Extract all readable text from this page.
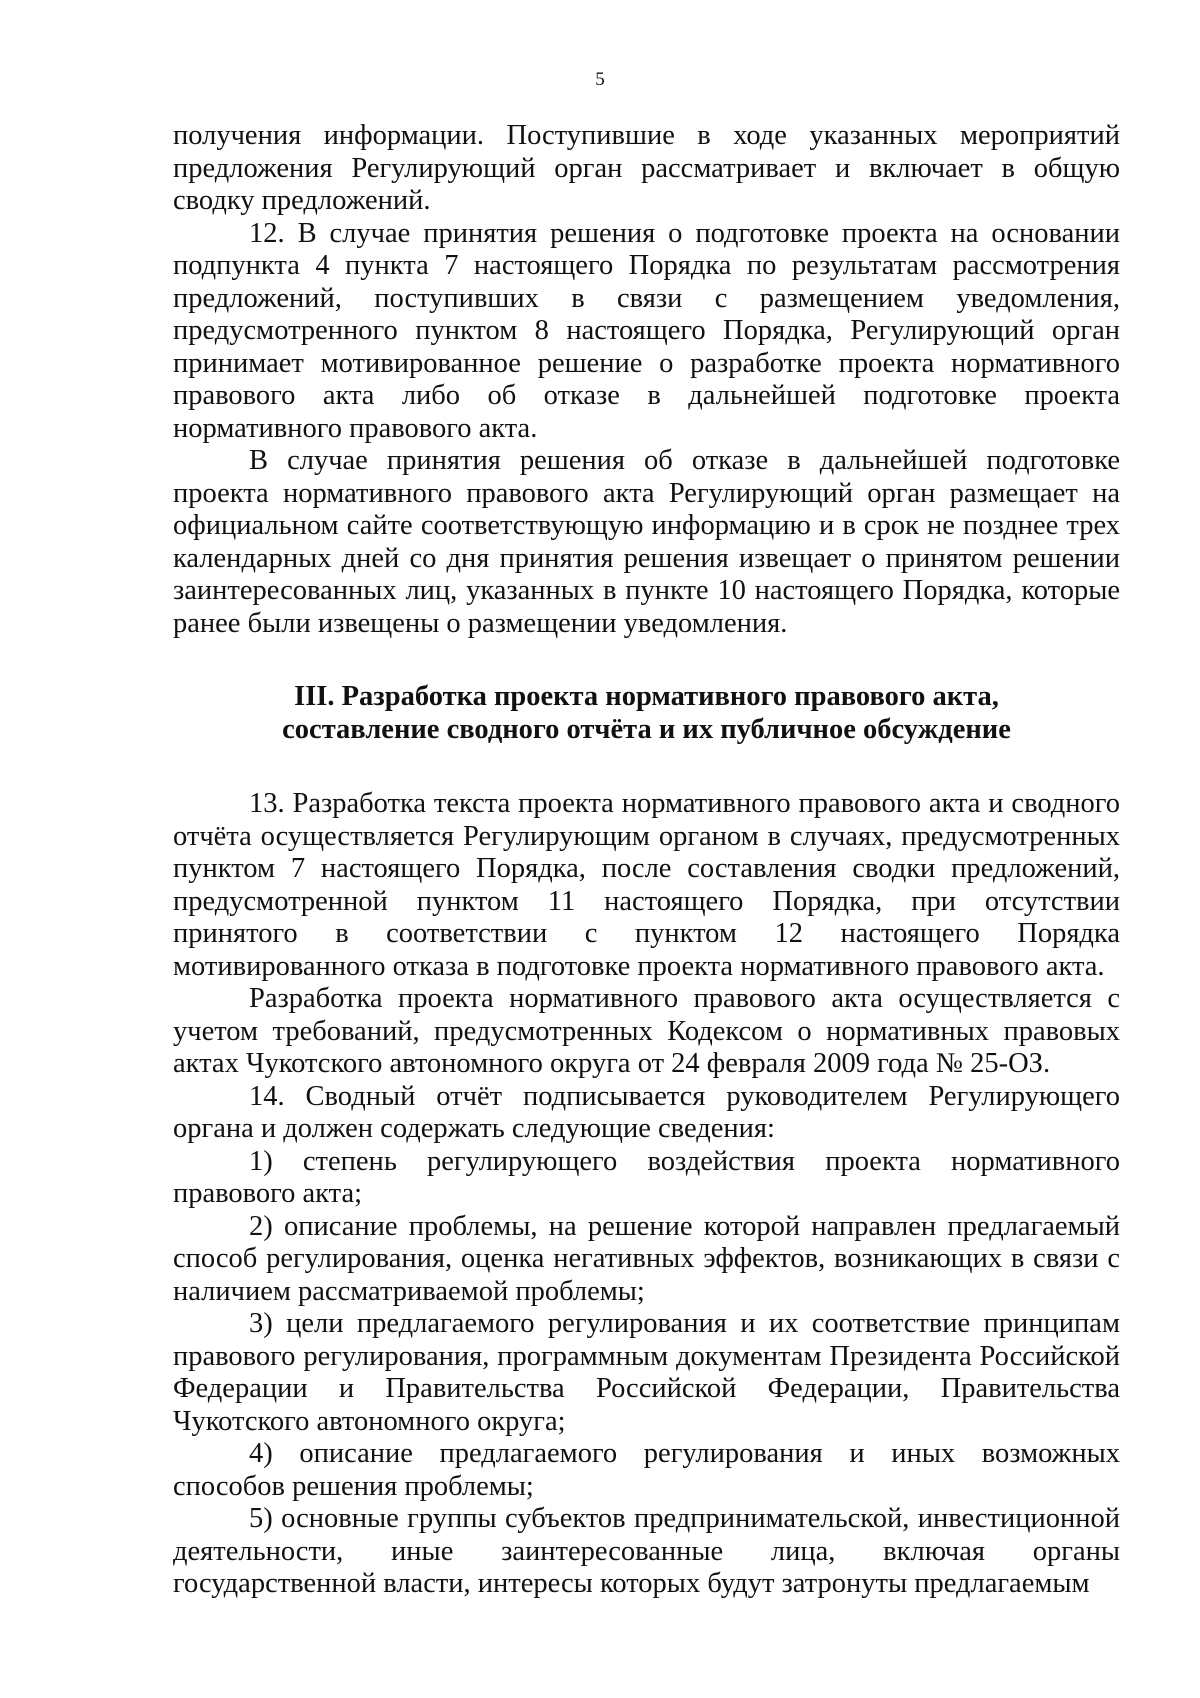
5

получения информации. Поступившие в ходе указанных мероприятий предложения Регулирующий орган рассматривает и включает в общую сводку предложений.

12. В случае принятия решения о подготовке проекта на основании подпункта 4 пункта 7 настоящего Порядка по результатам рассмотрения предложений, поступивших в связи с размещением уведомления, предусмотренного пунктом 8 настоящего Порядка, Регулирующий орган принимает мотивированное решение о разработке проекта нормативного правового акта либо об отказе в дальнейшей подготовке проекта нормативного правового акта.

В случае принятия решения об отказе в дальнейшей подготовке проекта нормативного правового акта Регулирующий орган размещает на официальном сайте соответствующую информацию и в срок не позднее трех календарных дней со дня принятия решения извещает о принятом решении заинтересованных лиц, указанных в пункте 10 настоящего Порядка, которые ранее были извещены о размещении уведомления.

III. Разработка проекта нормативного правового акта,
составление сводного отчёта и их публичное обсуждение

13. Разработка текста проекта нормативного правового акта и сводного отчёта осуществляется Регулирующим органом в случаях, предусмотренных пунктом 7 настоящего Порядка, после составления сводки предложений, предусмотренной пунктом 11 настоящего Порядка, при отсутствии принятого в соответствии с пунктом 12 настоящего Порядка мотивированного отказа в подготовке проекта нормативного правового акта.

Разработка проекта нормативного правового акта осуществляется с учетом требований, предусмотренных Кодексом о нормативных правовых актах Чукотского автономного округа от 24 февраля 2009 года № 25-ОЗ.

14. Сводный отчёт подписывается руководителем Регулирующего органа и должен содержать следующие сведения:

1) степень регулирующего воздействия проекта нормативного правового акта;

2) описание проблемы, на решение которой направлен предлагаемый способ регулирования, оценка негативных эффектов, возникающих в связи с наличием рассматриваемой проблемы;

3) цели предлагаемого регулирования и их соответствие принципам правового регулирования, программным документам Президента Российской Федерации и Правительства Российской Федерации, Правительства Чукотского автономного округа;

4) описание предлагаемого регулирования и иных возможных способов решения проблемы;

5) основные группы субъектов предпринимательской, инвестиционной деятельности, иные заинтересованные лица, включая органы государственной власти, интересы которых будут затронуты предлагаемым
